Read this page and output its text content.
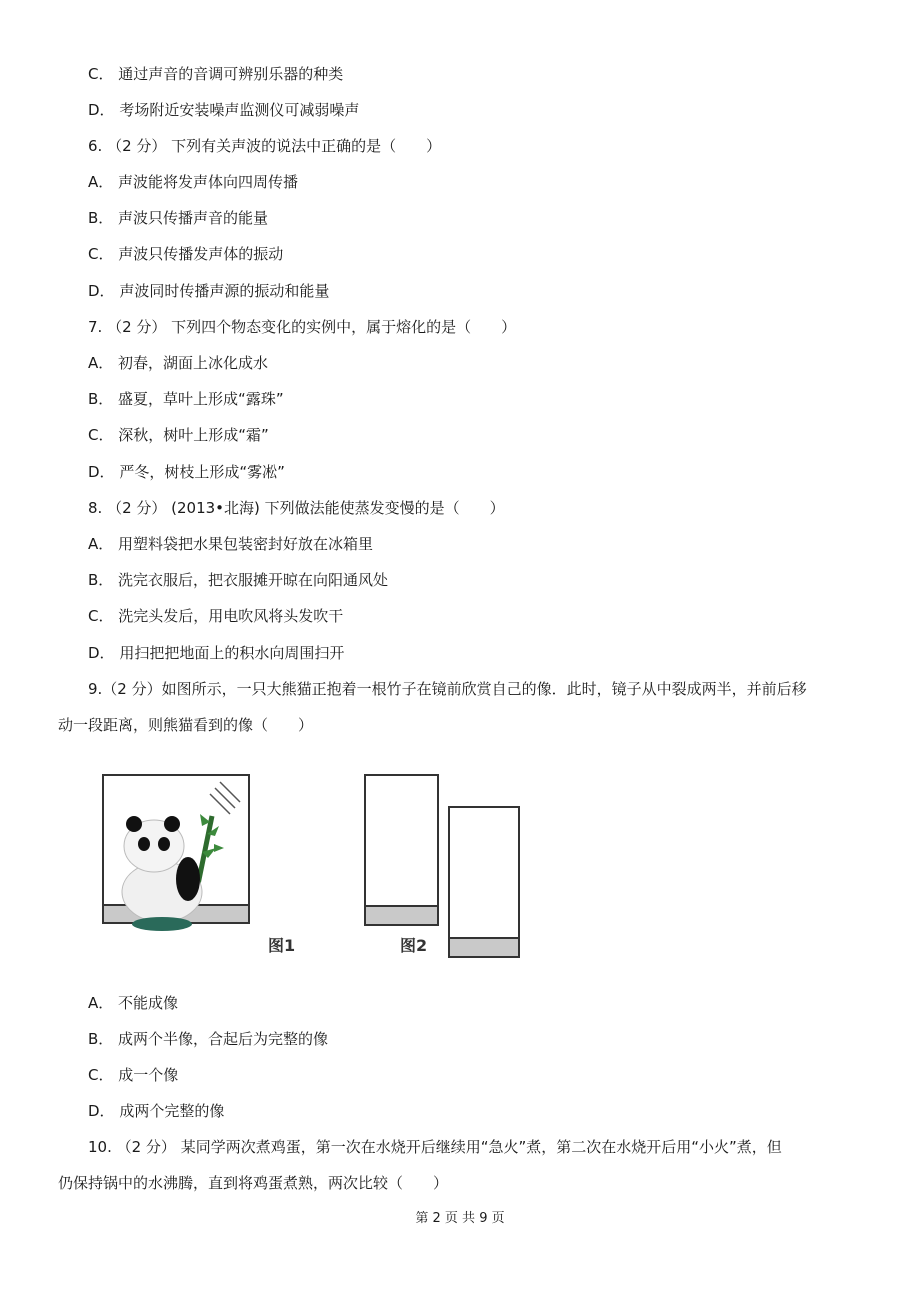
C． 通过声音的音调可辨别乐器的种类
D． 考场附近安装噪声监测仪可减弱噪声
6. （2 分） 下列有关声波的说法中正确的是（　　）
A． 声波能将发声体向四周传播
B． 声波只传播声音的能量
C． 声波只传播发声体的振动
D． 声波同时传播声源的振动和能量
7. （2 分） 下列四个物态变化的实例中，属于熔化的是（　　）
A． 初春，湖面上冰化成水
B． 盛夏，草叶上形成“露珠”
C． 深秋，树叶上形成“霜”
D． 严冬，树枝上形成“雾凇”
8. （2 分） (2013•北海) 下列做法能使蒸发变慢的是（　　）
A． 用塑料袋把水果包装密封好放在冰箱里
B． 洗完衣服后，把衣服摊开晾在向阳通风处
C． 洗完头发后，用电吹风将头发吹干
D． 用扫把把地面上的积水向周围扫开
9.（2 分）如图所示，一只大熊猫正抱着一根竹子在镜前欣赏自己的像．此时，镜子从中裂成两半，并前后移
动一段距离，则熊猫看到的像（　　）
图1	图2
A． 不能成像
B． 成两个半像，合起后为完整的像
C． 成一个像
D． 成两个完整的像
10. （2 分） 某同学两次煮鸡蛋，第一次在水烧开后继续用“急火”煮，第二次在水烧开后用“小火”煮，但
仍保持锅中的水沸腾，直到将鸡蛋煮熟，两次比较（　　）
第 2 页 共 9 页
